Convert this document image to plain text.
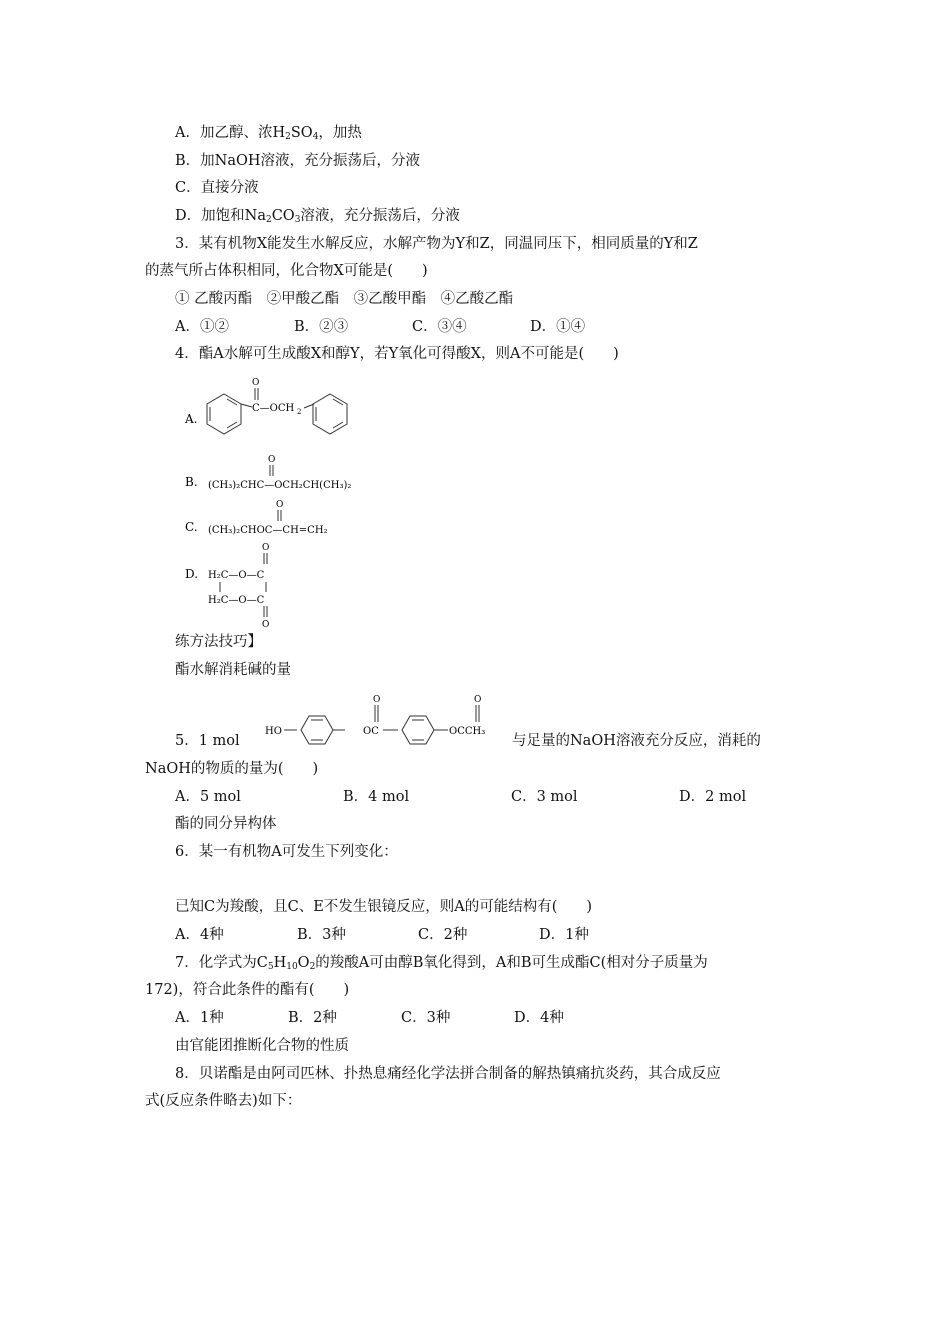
A．加乙醇、浓$H_2SO_4$，加热
B．加NaOH溶液，充分振荡后，分液
C．直接分液
D．加饱和$Na_2CO_3$溶液，充分振荡后，分液
3．某有机物X能发生水解反应，水解产物为Y和Z，同温同压下，相同质量的Y和Z
的蒸气所占体积相同，化合物X可能是(　　)
① 乙酸丙酯　②甲酸乙酯　③乙酸甲酯　④乙酸乙酯
A．①②	B．②③	C．③④	D．①④
4．酯A水解可生成酸X和醇Y，若Y氧化可得酸X，则A不可能是(　　)
A.
O
C—OCH 2
B.
O
(CH₃)₂CHC—OCH₂CH(CH₃)₂
C.
O
(CH₃)₂CHOC—CH=CH₂
D.
O
H₂C—O—C
H₂C—O—C
O
练方法技巧】
酯水解消耗碱的量
5．1 mol
HO
O
OC
O
OCCH₃
与足量的NaOH溶液充分反应，消耗的
NaOH的物质的量为(　　)
A．5 mol	B．4 mol	C．3 mol	D．2 mol
酯的同分异构体
6．某一有机物A可发生下列变化：
已知C为羧酸，且C、E不发生银镜反应，则A的可能结构有(　　)
A．4种	B．3种	C．2种	D．1种
7．化学式为$C_5H_{10}O_2$的羧酸A可由醇B氧化得到，A和B可生成酯C(相对分子质量为
172)，符合此条件的酯有(　　)
A．1种	B．2种	C．3种	D．4种
由官能团推断化合物的性质
8．贝诺酯是由阿司匹林、扑热息痛经化学法拼合制备的解热镇痛抗炎药，其合成反应
式(反应条件略去)如下：
